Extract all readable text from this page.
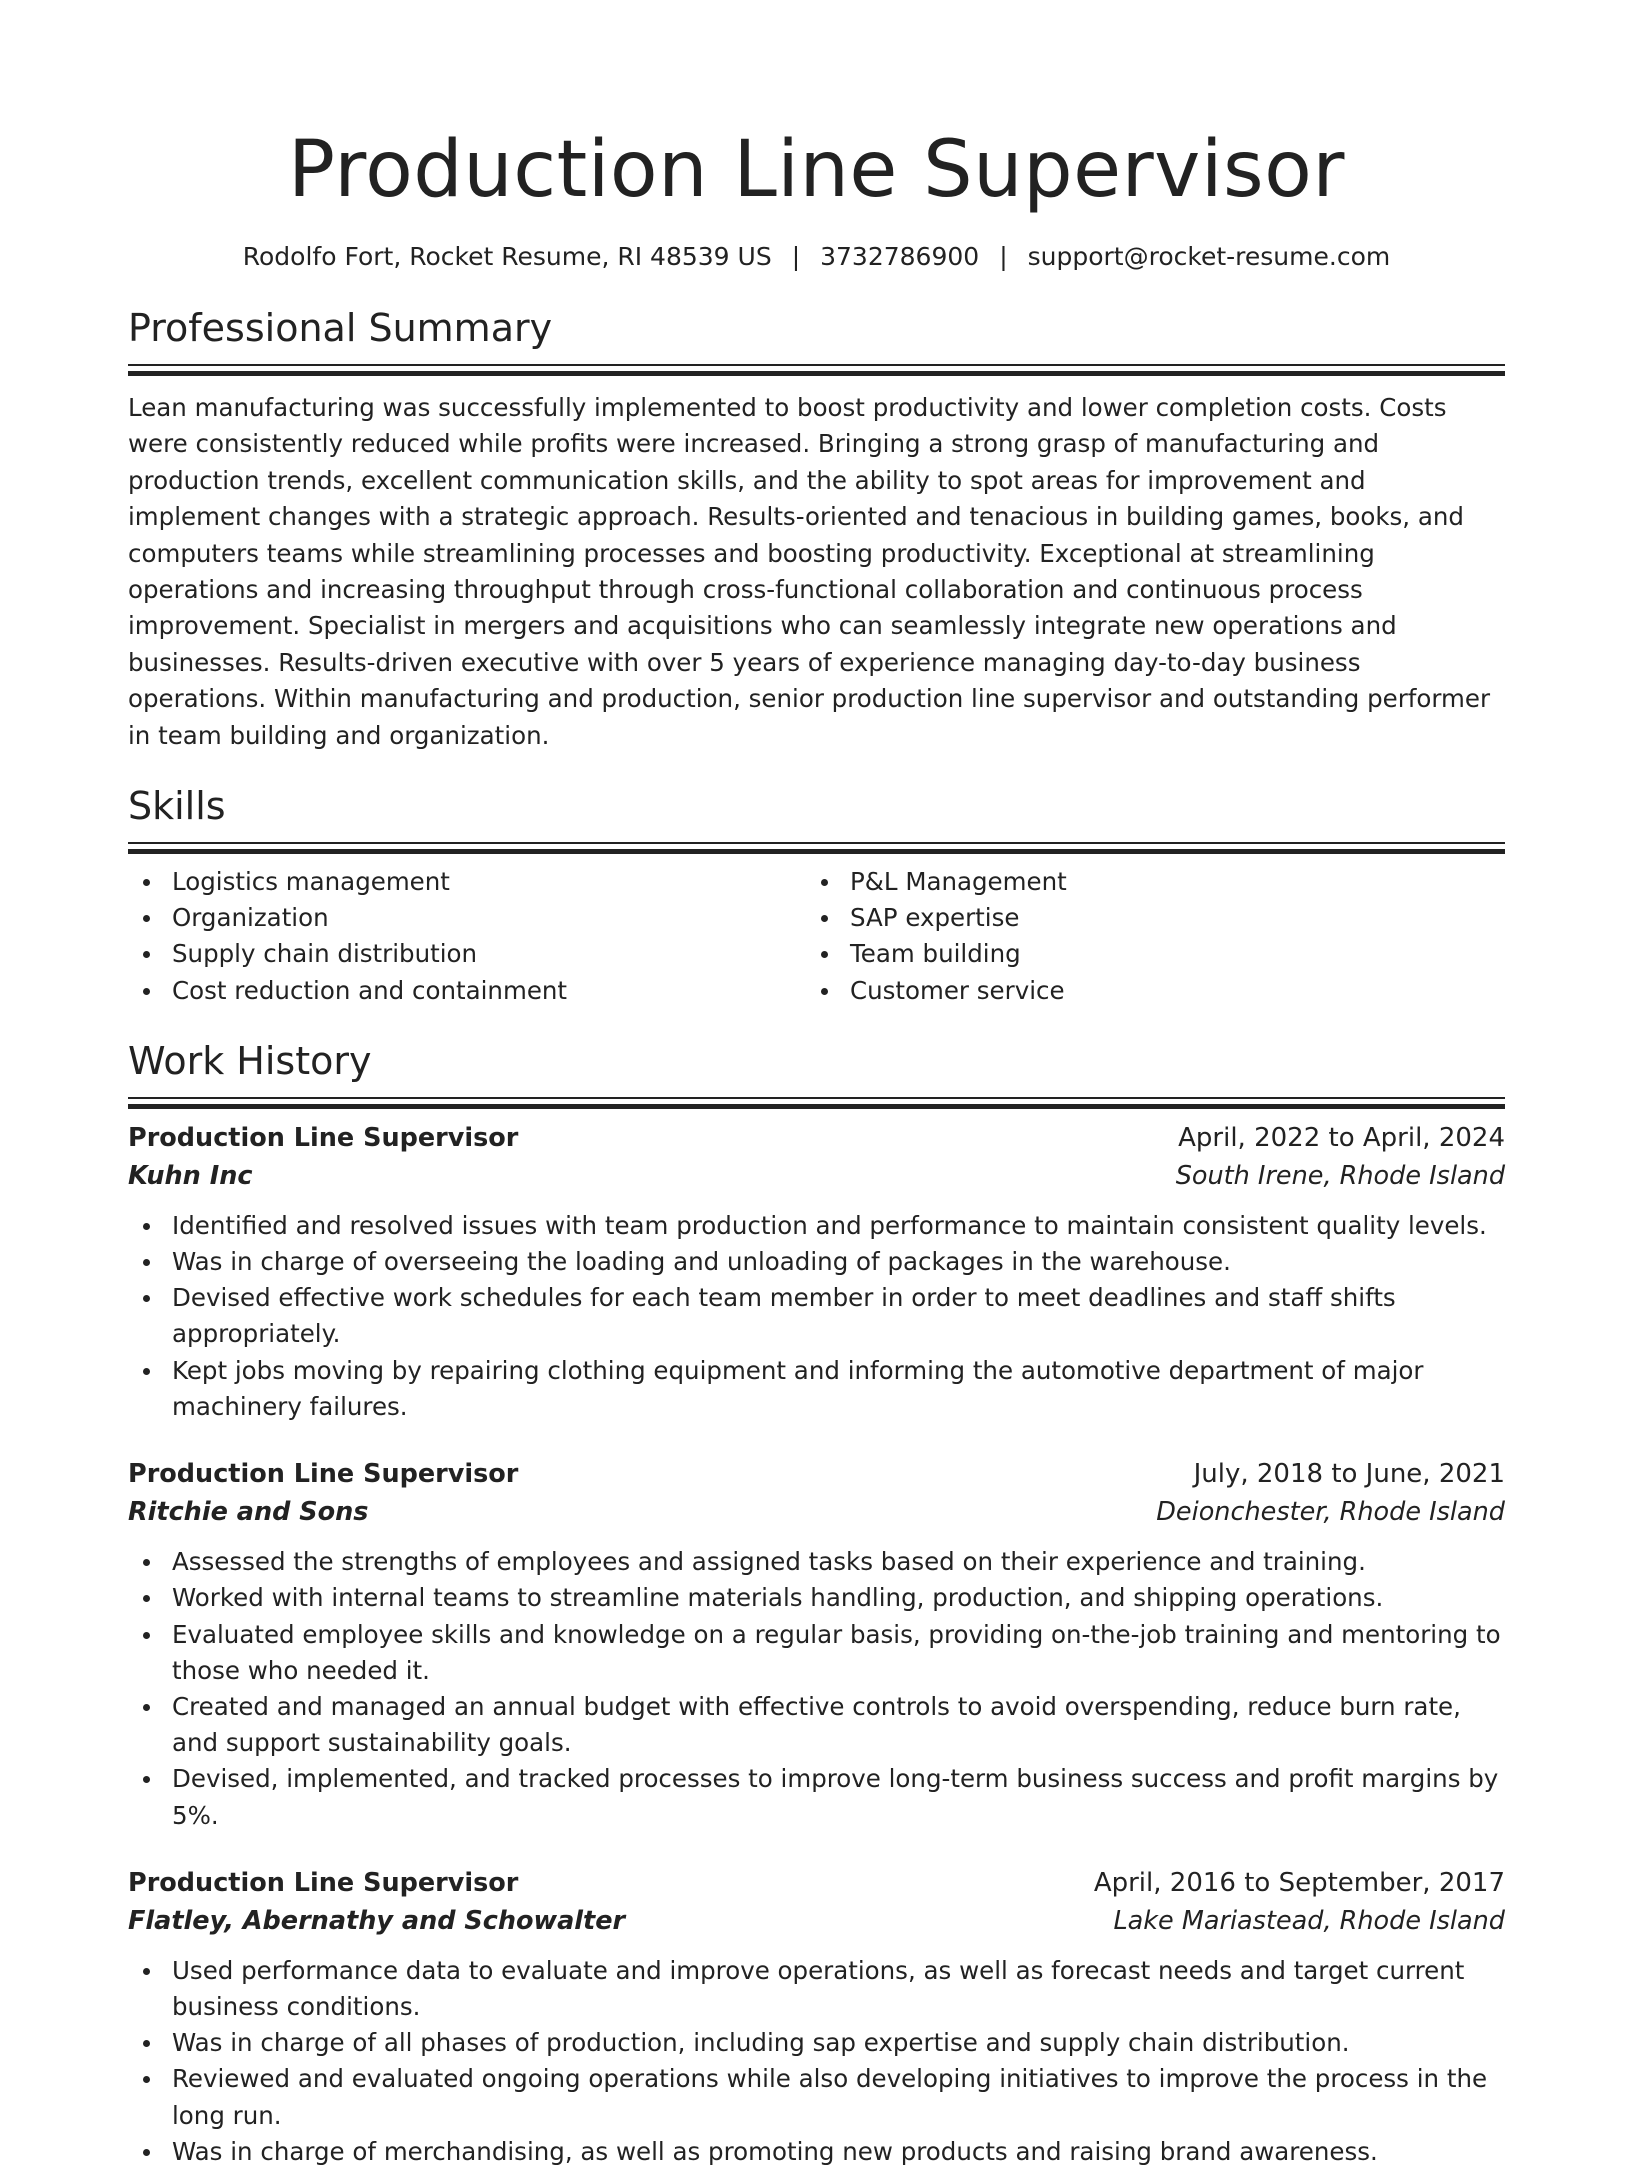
Production Line Supervisor
Rodolfo Fort, Rocket Resume, RI 48539 US | 3732786900 | support@rocket-resume.com
Professional Summary

Lean manufacturing was successfully implemented to boost productivity and lower completion costs. Costs were consistently reduced while profits were increased. Bringing a strong grasp of manufacturing and production trends, excellent communication skills, and the ability to spot areas for improvement and implement changes with a strategic approach. Results-oriented and tenacious in building games, books, and computers teams while streamlining processes and boosting productivity. Exceptional at streamlining operations and increasing throughput through cross-functional collaboration and continuous process improvement. Specialist in mergers and acquisitions who can seamlessly integrate new operations and businesses. Results-driven executive with over 5 years of experience managing day-to-day business operations. Within manufacturing and production, senior production line supervisor and outstanding performer in team building and organization.

Skills
Logistics management
Organization
Supply chain distribution
Cost reduction and containment
P&L Management
SAP expertise
Team building
Customer service
Work History
Production Line Supervisor	April, 2022 to April, 2024
Kuhn Inc	South Irene, Rhode Island
Identified and resolved issues with team production and performance to maintain consistent quality levels.
Was in charge of overseeing the loading and unloading of packages in the warehouse.
Devised effective work schedules for each team member in order to meet deadlines and staff shifts appropriately.
Kept jobs moving by repairing clothing equipment and informing the automotive department of major machinery failures.
Production Line Supervisor	July, 2018 to June, 2021
Ritchie and Sons	Deionchester, Rhode Island
Assessed the strengths of employees and assigned tasks based on their experience and training.
Worked with internal teams to streamline materials handling, production, and shipping operations.
Evaluated employee skills and knowledge on a regular basis, providing on-the-job training and mentoring to those who needed it.
Created and managed an annual budget with effective controls to avoid overspending, reduce burn rate, and support sustainability goals.
Devised, implemented, and tracked processes to improve long-term business success and profit margins by 5%.
Production Line Supervisor	April, 2016 to September, 2017
Flatley, Abernathy and Schowalter	Lake Mariastead, Rhode Island
Used performance data to evaluate and improve operations, as well as forecast needs and target current business conditions.
Was in charge of all phases of production, including sap expertise and supply chain distribution.
Reviewed and evaluated ongoing operations while also developing initiatives to improve the process in the long run.
Was in charge of merchandising, as well as promoting new products and raising brand awareness.
